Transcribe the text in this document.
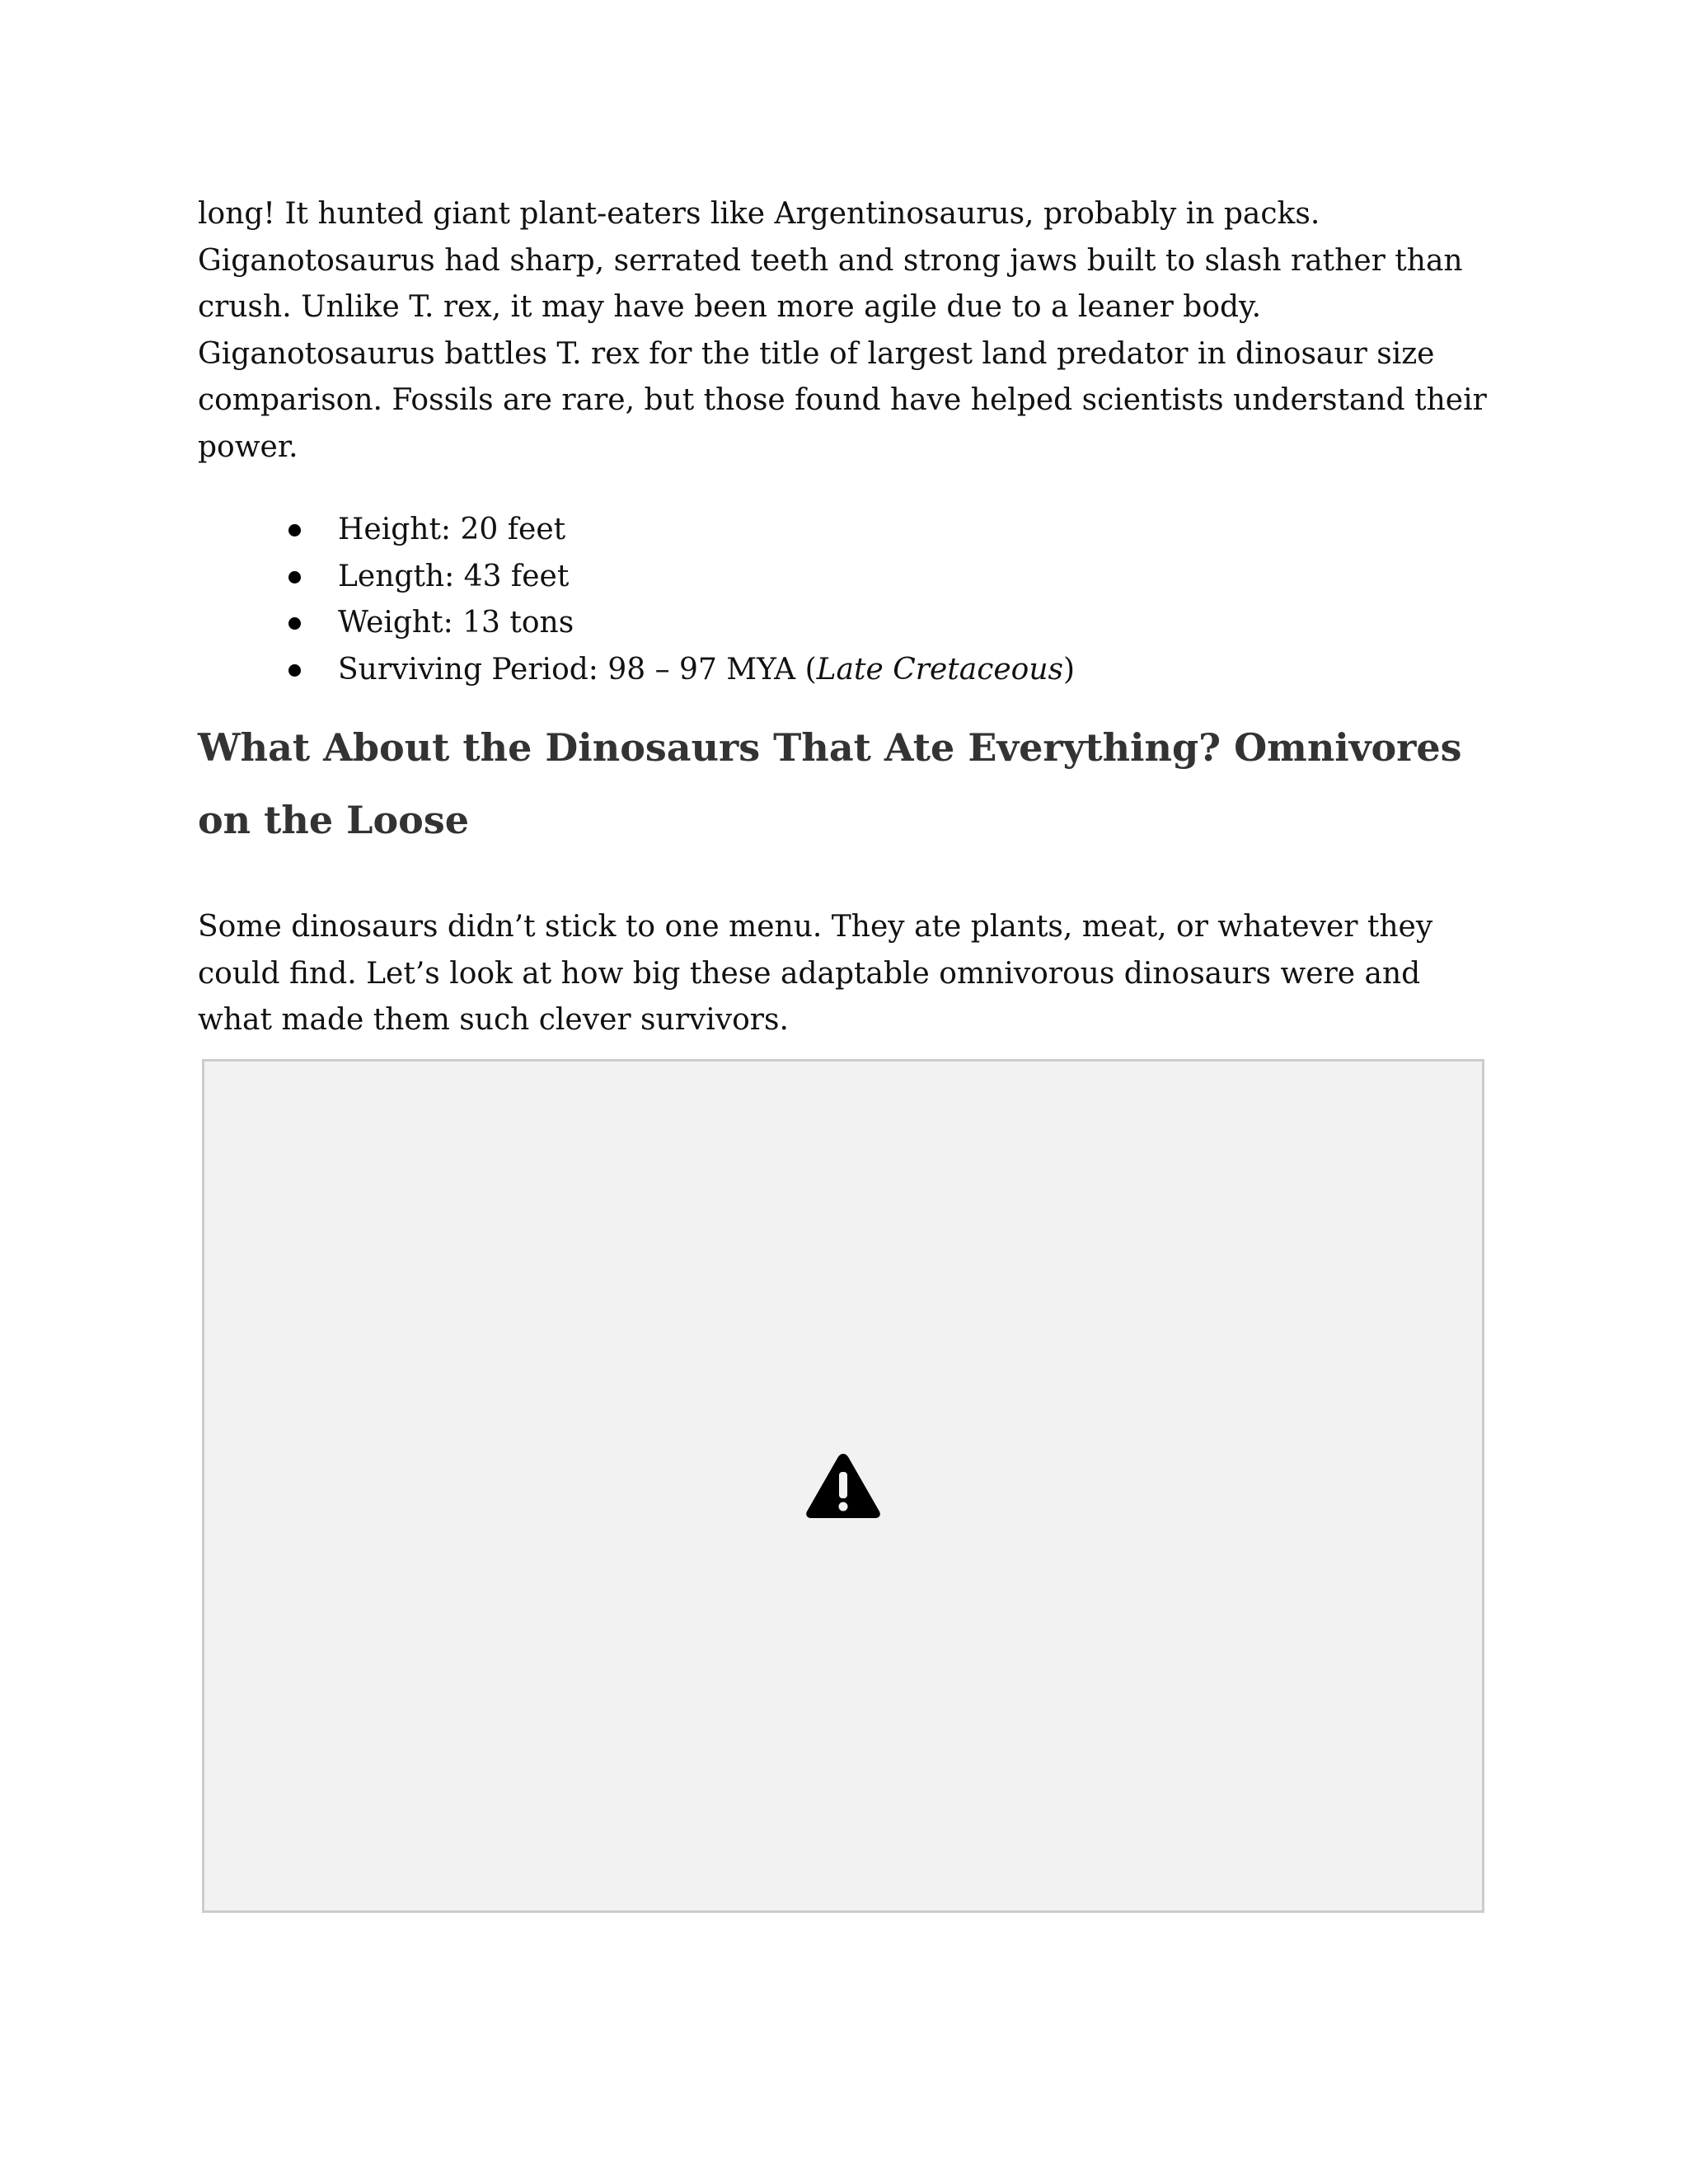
long! It hunted giant plant-eaters like Argentinosaurus, probably in packs. Giganotosaurus had sharp, serrated teeth and strong jaws built to slash rather than crush. Unlike T. rex, it may have been more agile due to a leaner body. Giganotosaurus battles T. rex for the title of largest land predator in dinosaur size comparison. Fossils are rare, but those found have helped scientists understand their power.

Height: 20 feet
Length: 43 feet
Weight: 13 tons
Surviving Period: 98 – 97 MYA (Late Cretaceous)
What About the Dinosaurs That Ate Everything? Omnivores on the Loose

Some dinosaurs didn’t stick to one menu. They ate plants, meat, or whatever they could find. Let’s look at how big these adaptable omnivorous dinosaurs were and what made them such clever survivors.
